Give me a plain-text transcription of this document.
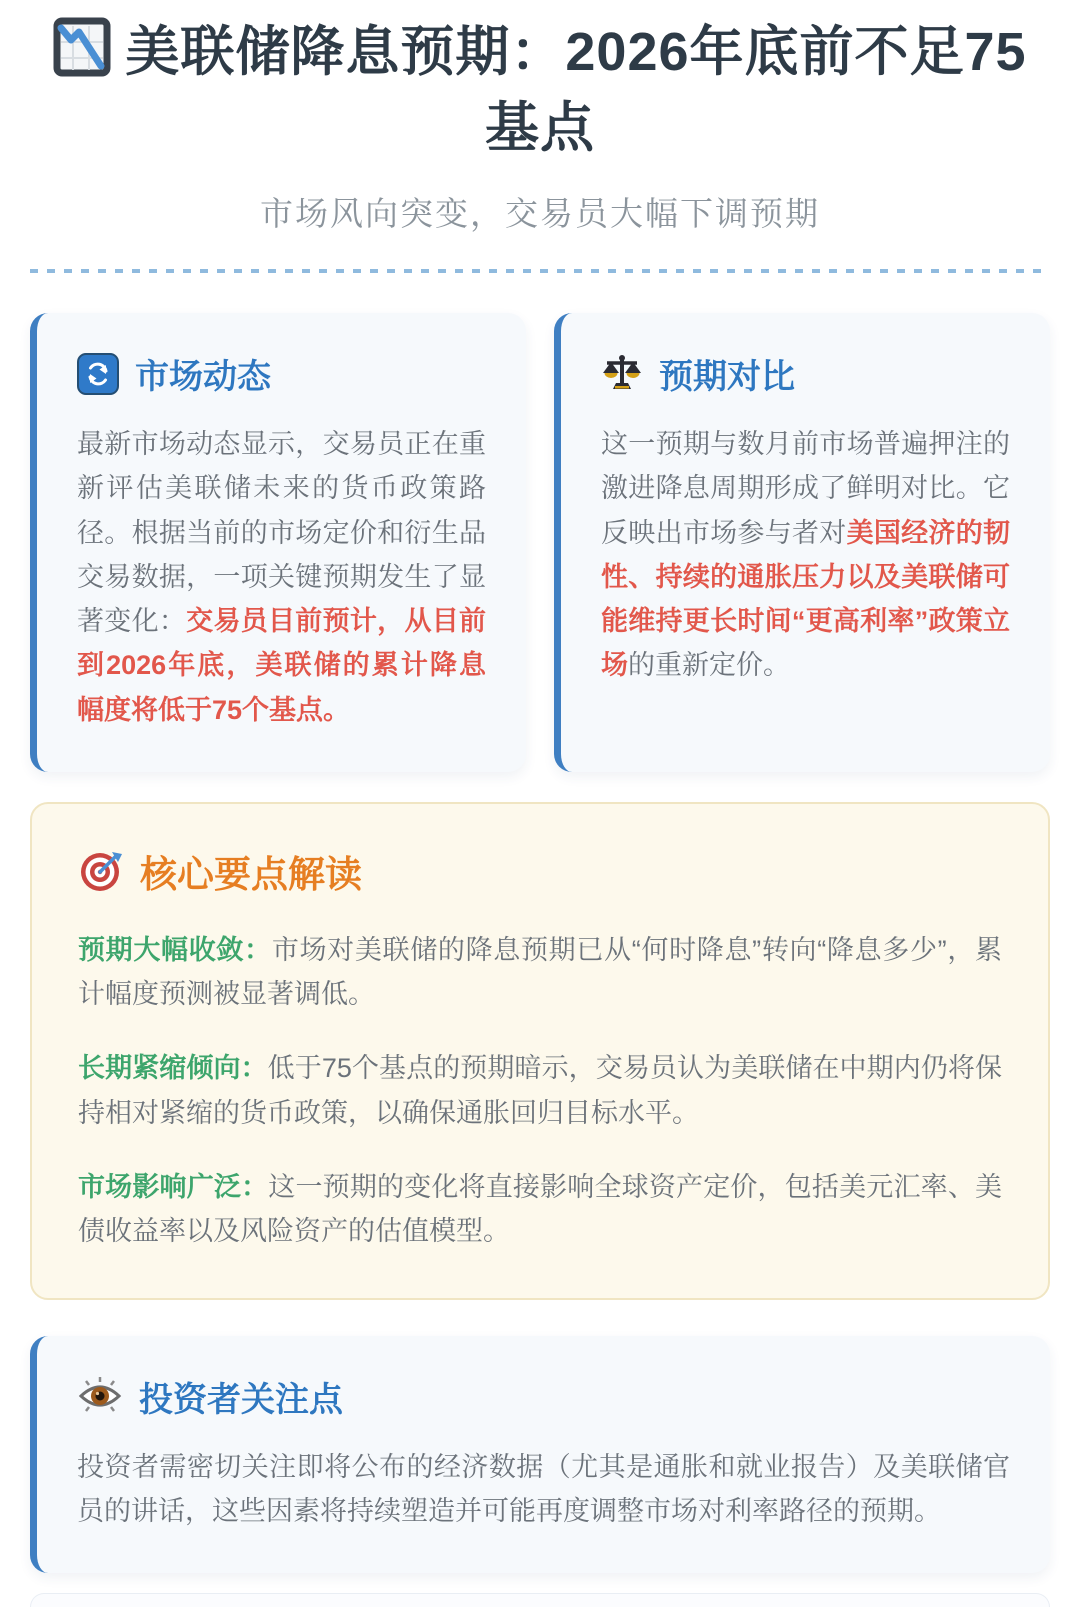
美联储降息预期：2026年底前不足75基点
市场风向突变，交易员大幅下调预期
市场动态

最新市场动态显示，交易员正在重新评估美联储未来的货币政策路径。根据当前的市场定价和衍生品交易数据，一项关键预期发生了显著变化：交易员目前预计，从目前到2026年底，美联储的累计降息幅度将低于75个基点。

预期对比

这一预期与数月前市场普遍押注的激进降息周期形成了鲜明对比。它反映出市场参与者对美国经济的韧性、持续的通胀压力以及美联储可能维持更长时间“更高利率”政策立场的重新定价。

核心要点解读

预期大幅收敛：市场对美联储的降息预期已从“何时降息”转向“降息多少”，累计幅度预测被显著调低。

长期紧缩倾向：低于75个基点的预期暗示，交易员认为美联储在中期内仍将保持相对紧缩的货币政策，以确保通胀回归目标水平。

市场影响广泛：这一预期的变化将直接影响全球资产定价，包括美元汇率、美债收益率以及风险资产的估值模型。

投资者关注点

投资者需密切关注即将公布的经济数据（尤其是通胀和就业报告）及美联储官员的讲话，这些因素将持续塑造并可能再度调整市场对利率路径的预期。
